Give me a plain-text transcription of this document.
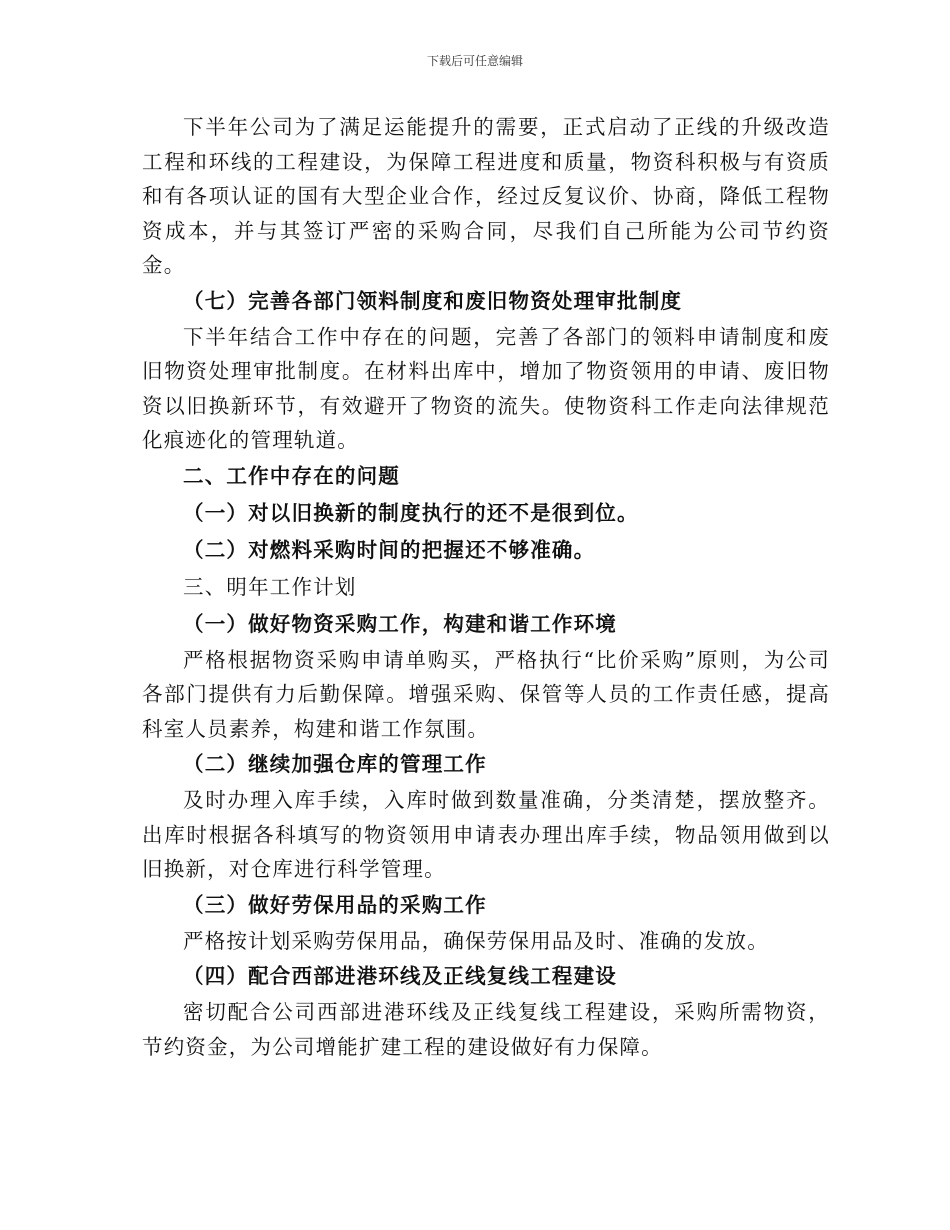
下载后可任意编辑

下半年公司为了满足运能提升的需要，正式启动了正线的升级改造工程和环线的工程建设，为保障工程进度和质量，物资科积极与有资质和有各项认证的国有大型企业合作，经过反复议价、协商，降低工程物资成本，并与其签订严密的采购合同，尽我们自己所能为公司节约资金。

（七）完善各部门领料制度和废旧物资处理审批制度

下半年结合工作中存在的问题，完善了各部门的领料申请制度和废旧物资处理审批制度。在材料出库中，增加了物资领用的申请、废旧物资以旧换新环节，有效避开了物资的流失。使物资科工作走向法律规范化痕迹化的管理轨道。

二、工作中存在的问题

（一）对以旧换新的制度执行的还不是很到位。

（二）对燃料采购时间的把握还不够准确。

三、明年工作计划

（一）做好物资采购工作，构建和谐工作环境

严格根据物资采购申请单购买，严格执行“比价采购”原则，为公司各部门提供有力后勤保障。增强采购、保管等人员的工作责任感，提高科室人员素养，构建和谐工作氛围。

（二）继续加强仓库的管理工作

及时办理入库手续，入库时做到数量准确，分类清楚，摆放整齐。出库时根据各科填写的物资领用申请表办理出库手续，物品领用做到以旧换新，对仓库进行科学管理。

（三）做好劳保用品的采购工作

严格按计划采购劳保用品，确保劳保用品及时、准确的发放。

（四）配合西部进港环线及正线复线工程建设

密切配合公司西部进港环线及正线复线工程建设，采购所需物资，节约资金，为公司增能扩建工程的建设做好有力保障。
